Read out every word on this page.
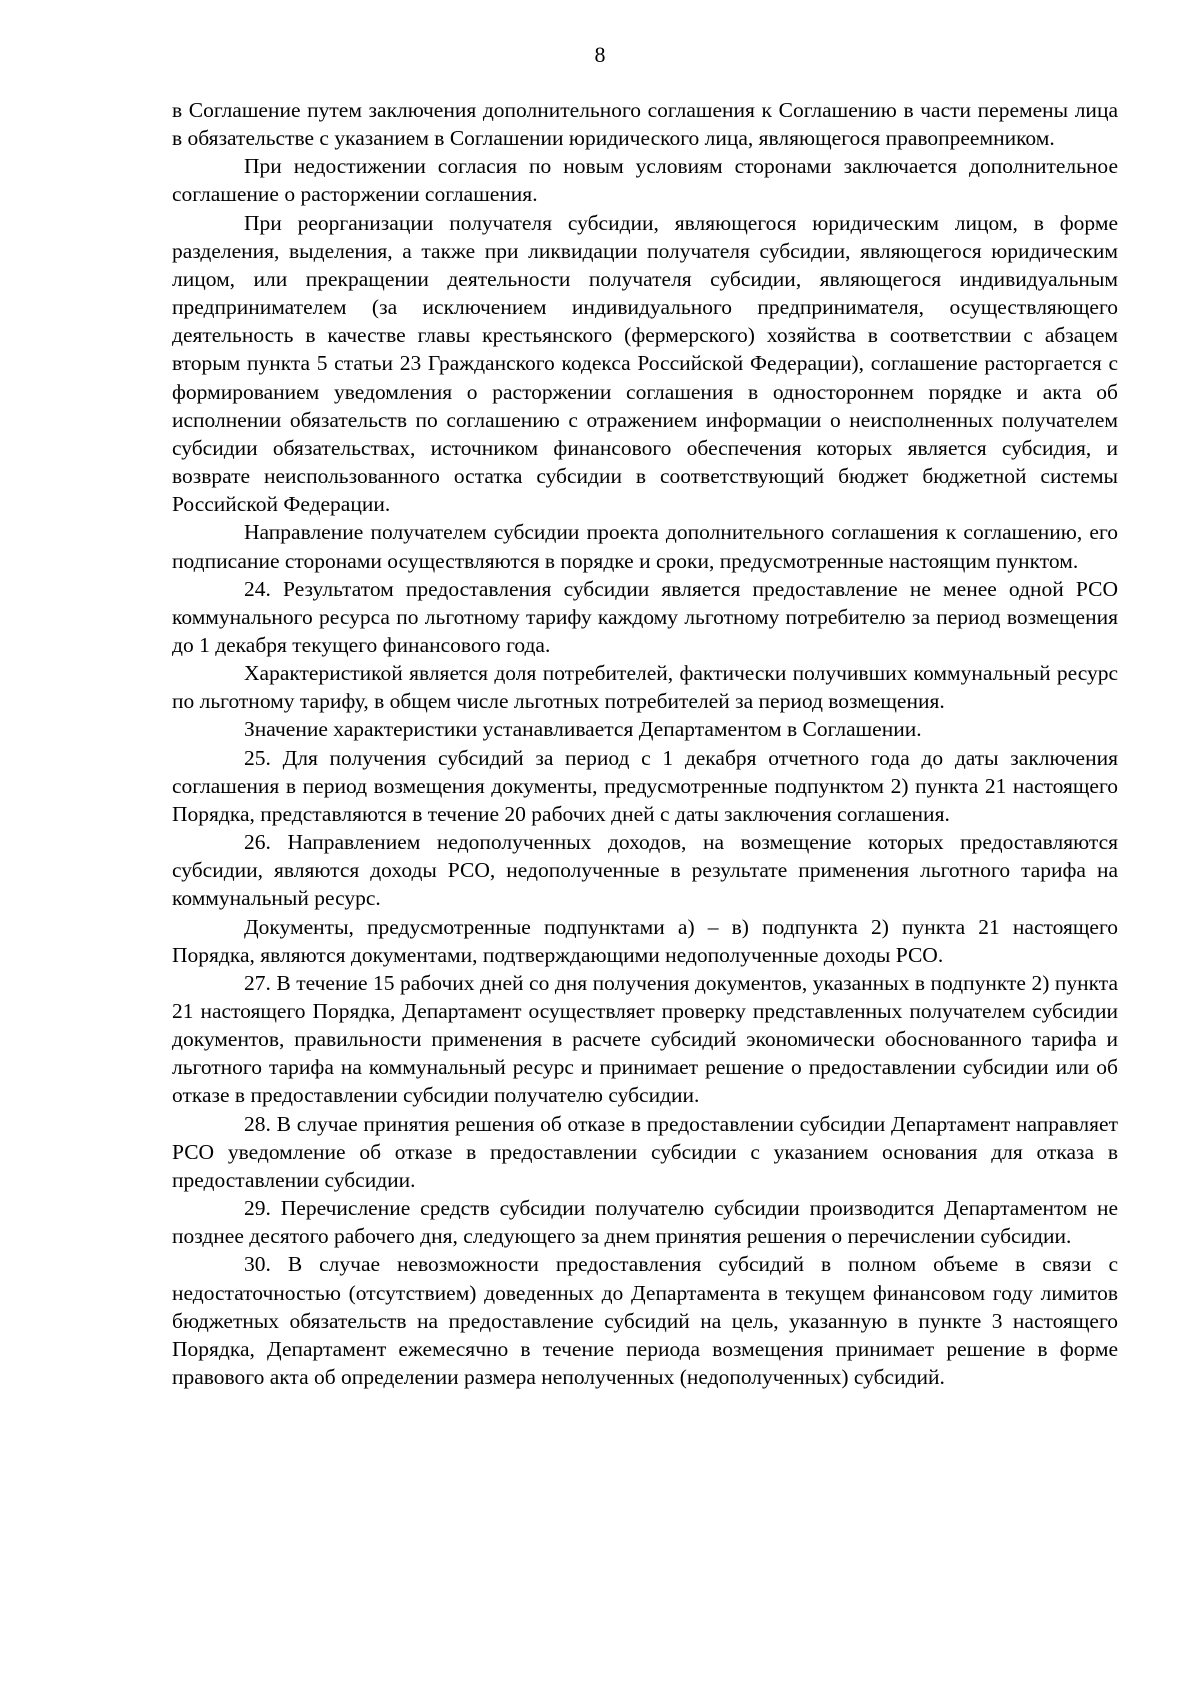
8

в Соглашение путем заключения дополнительного соглашения к Соглашению в части перемены лица в обязательстве с указанием в Соглашении юридического лица, являющегося правопреемником.

При недостижении согласия по новым условиям сторонами заключается дополнительное соглашение о расторжении соглашения.

При реорганизации получателя субсидии, являющегося юридическим лицом, в форме разделения, выделения, а также при ликвидации получателя субсидии, являющегося юридическим лицом, или прекращении деятельности получателя субсидии, являющегося индивидуальным предпринимателем (за исключением индивидуального предпринимателя, осуществляющего деятельность в качестве главы крестьянского (фермерского) хозяйства в соответствии с абзацем вторым пункта 5 статьи 23 Гражданского кодекса Российской Федерации), соглашение расторгается с формированием уведомления о расторжении соглашения в одностороннем порядке и акта об исполнении обязательств по соглашению с отражением информации о неисполненных получателем субсидии обязательствах, источником финансового обеспечения которых является субсидия, и возврате неиспользованного остатка субсидии в соответствующий бюджет бюджетной системы Российской Федерации.

Направление получателем субсидии проекта дополнительного соглашения к соглашению, его подписание сторонами осуществляются в порядке и сроки, предусмотренные настоящим пунктом.

24. Результатом предоставления субсидии является предоставление не менее одной РСО коммунального ресурса по льготному тарифу каждому льготному потребителю за период возмещения до 1 декабря текущего финансового года.

Характеристикой является доля потребителей, фактически получивших коммунальный ресурс по льготному тарифу, в общем числе льготных потребителей за период возмещения.

Значение характеристики устанавливается Департаментом в Соглашении.

25. Для получения субсидий за период с 1 декабря отчетного года до даты заключения соглашения в период возмещения документы, предусмотренные подпунктом 2) пункта 21 настоящего Порядка, представляются в течение 20 рабочих дней с даты заключения соглашения.

26. Направлением недополученных доходов, на возмещение которых предоставляются субсидии, являются доходы РСО, недополученные в результате применения льготного тарифа на коммунальный ресурс.

Документы, предусмотренные подпунктами а) – в) подпункта 2) пункта 21 настоящего Порядка, являются документами, подтверждающими недополученные доходы РСО.

27. В течение 15 рабочих дней со дня получения документов, указанных в подпункте 2) пункта 21 настоящего Порядка, Департамент осуществляет проверку представленных получателем субсидии документов, правильности применения в расчете субсидий экономически обоснованного тарифа и льготного тарифа на коммунальный ресурс и принимает решение о предоставлении субсидии или об отказе в предоставлении субсидии получателю субсидии.

28. В случае принятия решения об отказе в предоставлении субсидии Департамент направляет РСО уведомление об отказе в предоставлении субсидии с указанием основания для отказа в предоставлении субсидии.

29. Перечисление средств субсидии получателю субсидии производится Департаментом не позднее десятого рабочего дня, следующего за днем принятия решения о перечислении субсидии.

30. В случае невозможности предоставления субсидий в полном объеме в связи с недостаточностью (отсутствием) доведенных до Департамента в текущем финансовом году лимитов бюджетных обязательств на предоставление субсидий на цель, указанную в пункте 3 настоящего Порядка, Департамент ежемесячно в течение периода возмещения принимает решение в форме правового акта об определении размера неполученных (недополученных) субсидий.
